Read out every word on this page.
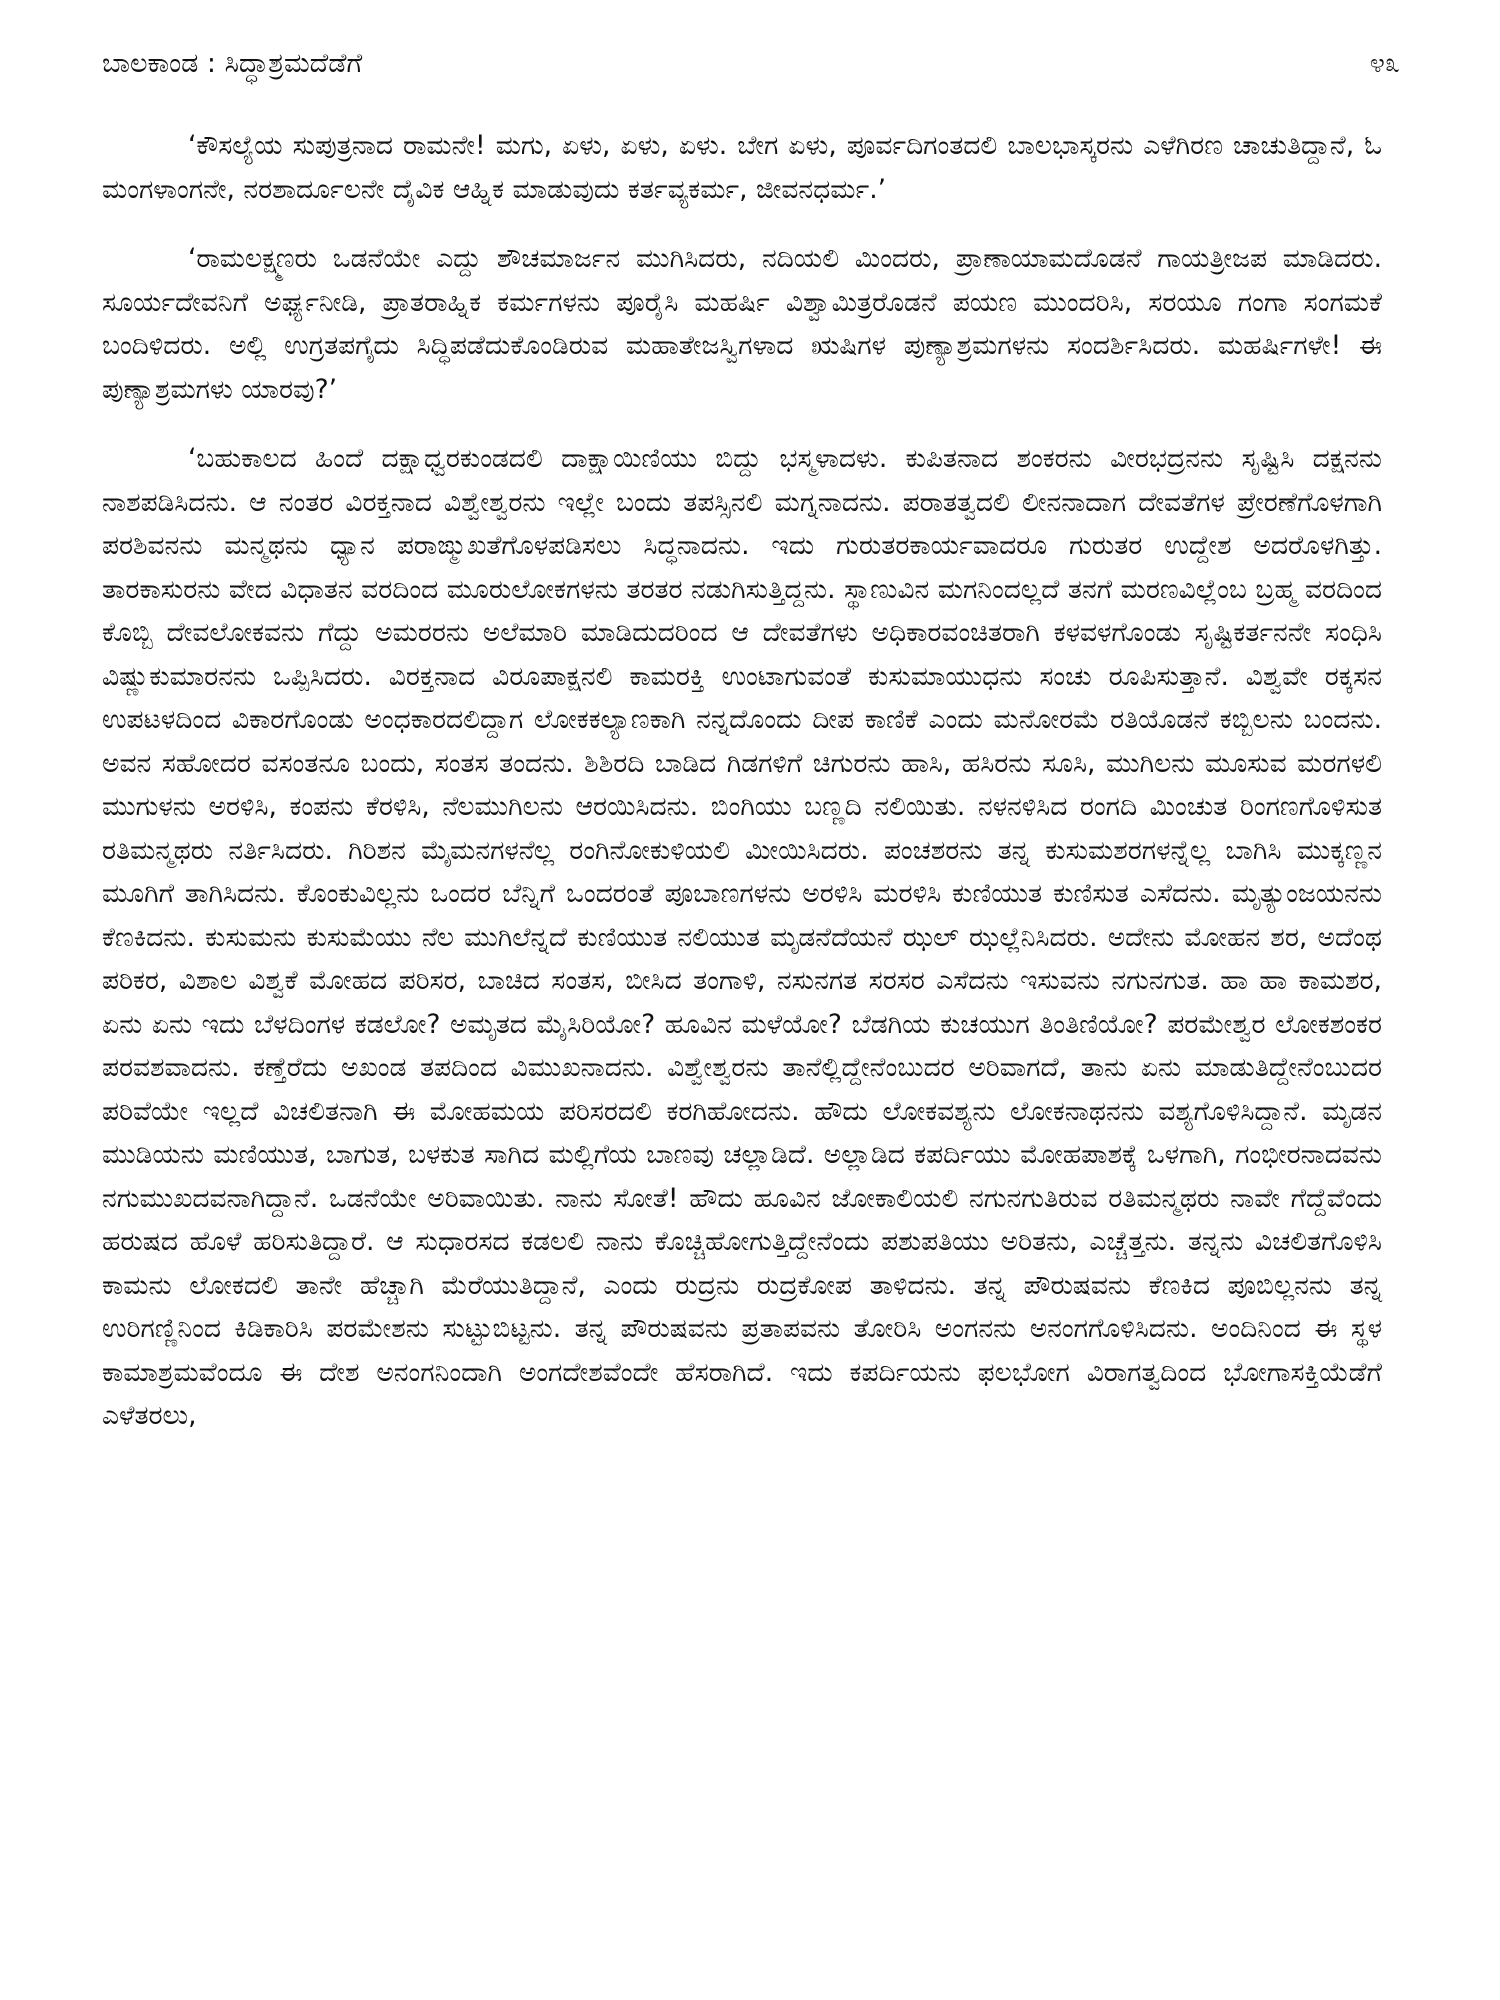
ಬಾಲಕಾಂಡ : ಸಿದ್ಧಾಶ್ರಮದೆಡೆಗೆ	೪೩

‘ಕೌಸಲ್ಯೆಯ ಸುಪುತ್ರನಾದ ರಾಮನೇ! ಮಗು, ಏಳು, ಏಳು, ಏಳು. ಬೇಗ ಏಳು, ಪೂರ್ವದಿಗಂತದಲಿ ಬಾಲಭಾಸ್ಕರನು ಎಳೆಗಿರಣ ಚಾಚುತಿದ್ದಾನೆ, ಓ ಮಂಗಳಾಂಗನೇ, ನರಶಾರ್ದೂಲನೇ ದೈವಿಕ ಆಹ್ನಿಕ ಮಾಡುವುದು ಕರ್ತವ್ಯಕರ್ಮ, ಜೀವನಧರ್ಮ.’

‘ರಾಮಲಕ್ಷ್ಮಣರು ಒಡನೆಯೇ ಎದ್ದು ಶೌಚಮಾರ್ಜನ ಮುಗಿಸಿದರು, ನದಿಯಲಿ ಮಿಂದರು, ಪ್ರಾಣಾಯಾಮದೊಡನೆ ಗಾಯತ್ರೀಜಪ ಮಾಡಿದರು. ಸೂರ್ಯದೇವನಿಗೆ ಅರ್ಘ್ಯನೀಡಿ, ಪ್ರಾತರಾಹ್ನಿಕ ಕರ್ಮಗಳನು ಪೂರೈಸಿ ಮಹರ್ಷಿ ವಿಶ್ವಾಮಿತ್ರರೊಡನೆ ಪಯಣ ಮುಂದರಿಸಿ, ಸರಯೂ ಗಂಗಾ ಸಂಗಮಕೆ ಬಂದಿಳಿದರು. ಅಲ್ಲಿ ಉಗ್ರತಪಗೈದು ಸಿದ್ಧಿಪಡೆದುಕೊಂಡಿರುವ ಮಹಾತೇಜಸ್ವಿಗಳಾದ ಋಷಿಗಳ ಪುಣ್ಯಾಶ್ರಮಗಳನು ಸಂದರ್ಶಿಸಿದರು. ಮಹರ್ಷಿಗಳೇ! ಈ ಪುಣ್ಯಾಶ್ರಮಗಳು ಯಾರವು?’

‘ಬಹುಕಾಲದ ಹಿಂದೆ ದಕ್ಷಾಧ್ವರಕುಂಡದಲಿ ದಾಕ್ಷಾಯಿಣಿಯು ಬಿದ್ದು ಭಸ್ಮಳಾದಳು. ಕುಪಿತನಾದ ಶಂಕರನು ವೀರಭದ್ರನನು ಸೃಷ್ಟಿಸಿ ದಕ್ಷನನು ನಾಶಪಡಿಸಿದನು. ಆ ನಂತರ ವಿರಕ್ತನಾದ ವಿಶ್ವೇಶ್ವರನು ಇಲ್ಲೇ ಬಂದು ತಪಸ್ಸಿನಲಿ ಮಗ್ನನಾದನು. ಪರಾತತ್ವದಲಿ ಲೀನನಾದಾಗ ದೇವತೆಗಳ ಪ್ರೇರಣೆಗೊಳಗಾಗಿ ಪರಶಿವನನು ಮನ್ಮಥನು ಧ್ಯಾನ ಪರಾಙ್ಮುಖತೆಗೊಳಪಡಿಸಲು ಸಿದ್ಧನಾದನು. ಇದು ಗುರುತರಕಾರ್ಯವಾದರೂ ಗುರುತರ ಉದ್ದೇಶ ಅದರೊಳಗಿತ್ತು. ತಾರಕಾಸುರನು ವೇದ ವಿಧಾತನ ವರದಿಂದ ಮೂರುಲೋಕಗಳನು ತರತರ ನಡುಗಿಸುತ್ತಿದ್ದನು. ಸ್ಥಾಣುವಿನ ಮಗನಿಂದಲ್ಲದೆ ತನಗೆ ಮರಣವಿಲ್ಲೆಂಬ ಬ್ರಹ್ಮ ವರದಿಂದ ಕೊಬ್ಬಿ ದೇವಲೋಕವನು ಗೆದ್ದು ಅಮರರನು ಅಲೆಮಾರಿ ಮಾಡಿದುದರಿಂದ ಆ ದೇವತೆಗಳು ಅಧಿಕಾರವಂಚಿತರಾಗಿ ಕಳವಳಗೊಂಡು ಸೃಷ್ಟಿಕರ್ತನನೇ ಸಂಧಿಸಿ ವಿಷ್ಣುಕುಮಾರನನು ಒಪ್ಪಿಸಿದರು. ವಿರಕ್ತನಾದ ವಿರೂಪಾಕ್ಷನಲಿ ಕಾಮರಕ್ತಿ ಉಂಟಾಗುವಂತೆ ಕುಸುಮಾಯುಧನು ಸಂಚು ರೂಪಿಸುತ್ತಾನೆ. ವಿಶ್ವವೇ ರಕ್ಕಸನ ಉಪಟಳದಿಂದ ವಿಕಾರಗೊಂಡು ಅಂಧಕಾರದಲಿದ್ದಾಗ ಲೋಕಕಲ್ಯಾಣಕಾಗಿ ನನ್ನದೊಂದು ದೀಪ ಕಾಣಿಕೆ ಎಂದು ಮನೋರಮೆ ರತಿಯೊಡನೆ ಕಬ್ಬಿಲನು ಬಂದನು. ಅವನ ಸಹೋದರ ವಸಂತನೂ ಬಂದು, ಸಂತಸ ತಂದನು. ಶಿಶಿರದಿ ಬಾಡಿದ ಗಿಡಗಳಿಗೆ ಚಿಗುರನು ಹಾಸಿ, ಹಸಿರನು ಸೂಸಿ, ಮುಗಿಲನು ಮೂಸುವ ಮರಗಳಲಿ ಮುಗುಳನು ಅರಳಿಸಿ, ಕಂಪನು ಕೆರಳಿಸಿ, ನೆಲಮುಗಿಲನು ಆರಯಿಸಿದನು. ಬಿಂಗಿಯು ಬಣ್ಣದಿ ನಲಿಯಿತು. ನಳನಳಿಸಿದ ರಂಗದಿ ಮಿಂಚುತ ರಿಂಗಣಗೊಳಿಸುತ ರತಿಮನ್ಮಥರು ನರ್ತಿಸಿದರು. ಗಿರಿಶನ ಮೈಮನಗಳನೆಲ್ಲ ರಂಗಿನೋಕುಳಿಯಲಿ ಮೀಯಿಸಿದರು. ಪಂಚಶರನು ತನ್ನ ಕುಸುಮಶರಗಳನ್ನೆಲ್ಲ ಬಾಗಿಸಿ ಮುಕ್ಕಣ್ಣನ ಮೂಗಿಗೆ ತಾಗಿಸಿದನು. ಕೊಂಕುವಿಲ್ಲನು ಒಂದರ ಬೆನ್ನಿಗೆ ಒಂದರಂತೆ ಪೂಬಾಣಗಳನು ಅರಳಿಸಿ ಮರಳಿಸಿ ಕುಣಿಯುತ ಕುಣಿಸುತ ಎಸೆದನು. ಮೃತ್ಯುಂಜಯನನು ಕೆಣಕಿದನು. ಕುಸುಮನು ಕುಸುಮೆಯು ನೆಲ ಮುಗಿಲೆನ್ನದೆ ಕುಣಿಯುತ ನಲಿಯುತ ಮೃಡನೆದೆಯನೆ ಝಲ್ ಝಲ್ಲೆನಿಸಿದರು. ಅದೇನು ಮೋಹನ ಶರ, ಅದೆಂಥ ಪರಿಕರ, ವಿಶಾಲ ವಿಶ್ವಕೆ ಮೋಹದ ಪರಿಸರ, ಬಾಚಿದ ಸಂತಸ, ಬೀಸಿದ ತಂಗಾಳಿ, ನಸುನಗತ ಸರಸರ ಎಸೆದನು ಇಸುವನು ನಗುನಗುತ. ಹಾ ಹಾ ಕಾಮಶರ, ಏನು ಏನು ಇದು ಬೆಳದಿಂಗಳ ಕಡಲೋ? ಅಮೃತದ ಮೈಸಿರಿಯೋ? ಹೂವಿನ ಮಳೆಯೋ? ಬೆಡಗಿಯ ಕುಚಯುಗ ತಿಂತಿಣಿಯೋ? ಪರಮೇಶ್ವರ ಲೋಕಶಂಕರ ಪರವಶವಾದನು. ಕಣ್ತೆರೆದು ಅಖಂಡ ತಪದಿಂದ ವಿಮುಖನಾದನು. ವಿಶ್ವೇಶ್ವರನು ತಾನೆಲ್ಲಿದ್ದೇನೆಂಬುದರ ಅರಿವಾಗದೆ, ತಾನು ಏನು ಮಾಡುತಿದ್ದೇನೆಂಬುದರ ಪರಿವೆಯೇ ಇಲ್ಲದೆ ವಿಚಲಿತನಾಗಿ ಈ ಮೋಹಮಯ ಪರಿಸರದಲಿ ಕರಗಿಹೋದನು. ಹೌದು ಲೋಕವಶ್ಯನು ಲೋಕನಾಥನನು ವಶ್ಯಗೊಳಿಸಿದ್ದಾನೆ. ಮೃಡನ ಮುಡಿಯನು ಮಣಿಯುತ, ಬಾಗುತ, ಬಳಕುತ ಸಾಗಿದ ಮಲ್ಲಿಗೆಯ ಬಾಣವು ಚಲ್ಲಾಡಿದೆ. ಅಲ್ಲಾಡಿದ ಕಪರ್ದಿಯು ಮೋಹಪಾಶಕ್ಕೆ ಒಳಗಾಗಿ, ಗಂಭೀರನಾದವನು ನಗುಮುಖದವನಾಗಿದ್ದಾನೆ. ಒಡನೆಯೇ ಅರಿವಾಯಿತು. ನಾನು ಸೋತೆ! ಹೌದು ಹೂವಿನ ಜೋಕಾಲಿಯಲಿ ನಗುನಗುತಿರುವ ರತಿಮನ್ಮಥರು ನಾವೇ ಗೆದ್ದೆವೆಂದು ಹರುಷದ ಹೊಳೆ ಹರಿಸುತಿದ್ದಾರೆ. ಆ ಸುಧಾರಸದ ಕಡಲಲಿ ನಾನು ಕೊಚ್ಚಿಹೋಗುತ್ತಿದ್ದೇನೆಂದು ಪಶುಪತಿಯು ಅರಿತನು, ಎಚ್ಚೆತ್ತನು. ತನ್ನನು ವಿಚಲಿತಗೊಳಿಸಿ ಕಾಮನು ಲೋಕದಲಿ ತಾನೇ ಹೆಚ್ಚಾಗಿ ಮೆರೆಯುತಿದ್ದಾನೆ, ಎಂದು ರುದ್ರನು ರುದ್ರಕೋಪ ತಾಳಿದನು. ತನ್ನ ಪೌರುಷವನು ಕೆಣಕಿದ ಪೂಬಿಲ್ಲನನು ತನ್ನ ಉರಿಗಣ್ಣಿನಿಂದ ಕಿಡಿಕಾರಿಸಿ ಪರಮೇಶನು ಸುಟ್ಟುಬಿಟ್ಟನು. ತನ್ನ ಪೌರುಷವನು ಪ್ರತಾಪವನು ತೋರಿಸಿ ಅಂಗನನು ಅನಂಗಗೊಳಿಸಿದನು. ಅಂದಿನಿಂದ ಈ ಸ್ಥಳ ಕಾಮಾಶ್ರಮವೆಂದೂ ಈ ದೇಶ ಅನಂಗನಿಂದಾಗಿ ಅಂಗದೇಶವೆಂದೇ ಹೆಸರಾಗಿದೆ. ಇದು ಕಪರ್ದಿಯನು ಫಲಭೋಗ ವಿರಾಗತ್ವದಿಂದ ಭೋಗಾಸಕ್ತಿಯೆಡೆಗೆ ಎಳೆತರಲು,
